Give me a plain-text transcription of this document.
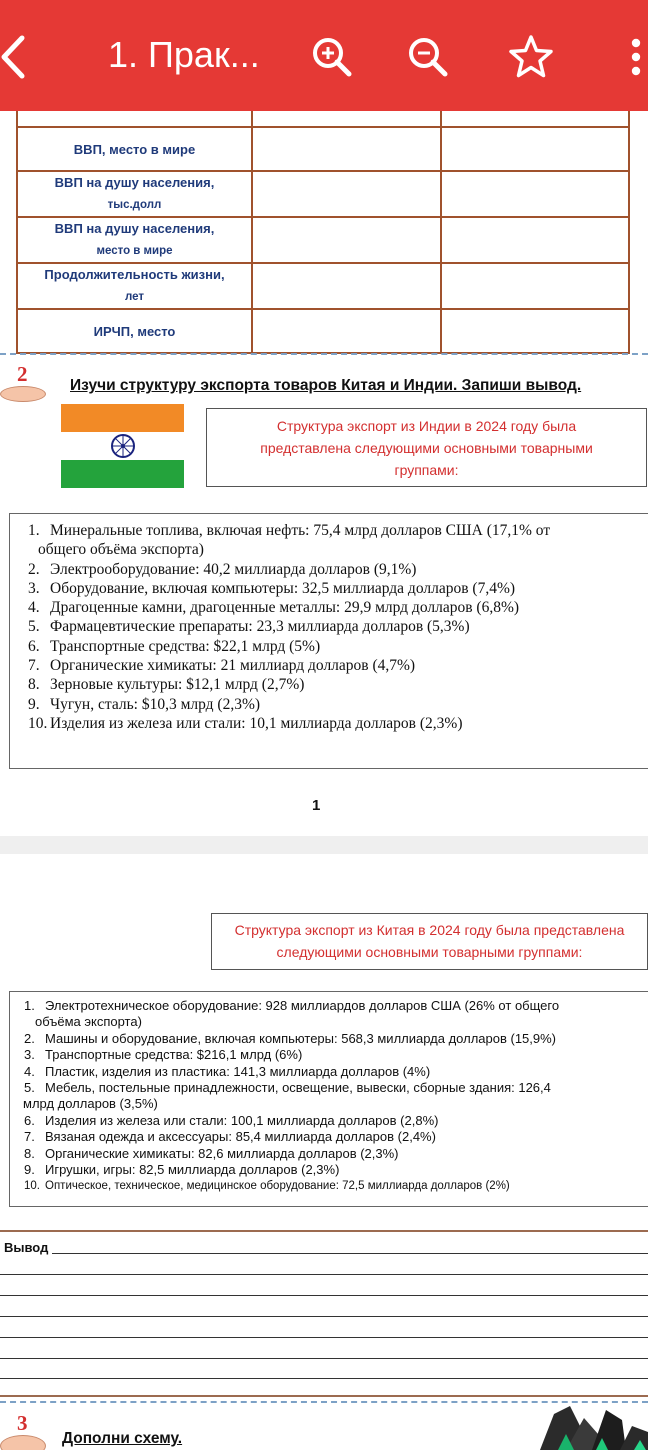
1. Прак...

ВВП, место в мире		
ВВП на душу населения,
тыс.долл		
ВВП на душу населения,
место в мире		
Продолжительность жизни,
лет		
ИРЧП, место		
2	Изучи структуру экспорта товаров Китая и Индии. Запиши вывод.
Структура экспорт из Индии в 2024 году была представлена следующими основными товарными группами:
1. Минеральные топлива, включая нефть: 75,4 млрд долларов США (17,1% от
общего объёма экспорта)
2. Электрооборудование: 40,2 миллиарда долларов (9,1%)
3. Оборудование, включая компьютеры: 32,5 миллиарда долларов (7,4%)
4. Драгоценные камни, драгоценные металлы: 29,9 млрд долларов (6,8%)
5. Фармацевтические препараты: 23,3 миллиарда долларов (5,3%)
6. Транспортные средства: $22,1 млрд (5%)
7. Органические химикаты: 21 миллиард долларов (4,7%)
8. Зерновые культуры: $12,1 млрд (2,7%)
9. Чугун, сталь: $10,3 млрд (2,3%)
10. Изделия из железа или стали: 10,1 миллиарда долларов (2,3%)
1
Структура экспорт из Китая в 2024 году была представлена следующими основными товарными группами:
1. Электротехническое оборудование: 928 миллиардов долларов США (26% от общего
объёма экспорта)
2. Машины и оборудование, включая компьютеры: 568,3 миллиарда долларов (15,9%)
3. Транспортные средства: $216,1 млрд (6%)
4. Пластик, изделия из пластика: 141,3 миллиарда долларов (4%)
5. Мебель, постельные принадлежности, освещение, вывески, сборные здания: 126,4
млрд долларов (3,5%)
6. Изделия из железа или стали: 100,1 миллиарда долларов (2,8%)
7. Вязаная одежда и аксессуары: 85,4 миллиарда долларов (2,4%)
8. Органические химикаты: 82,6 миллиарда долларов (2,3%)
9. Игрушки, игры: 82,5 миллиарда долларов (2,3%)
10. Оптическое, техническое, медицинское оборудование: 72,5 миллиарда долларов (2%)
Вывод
3
Дополни схему.
